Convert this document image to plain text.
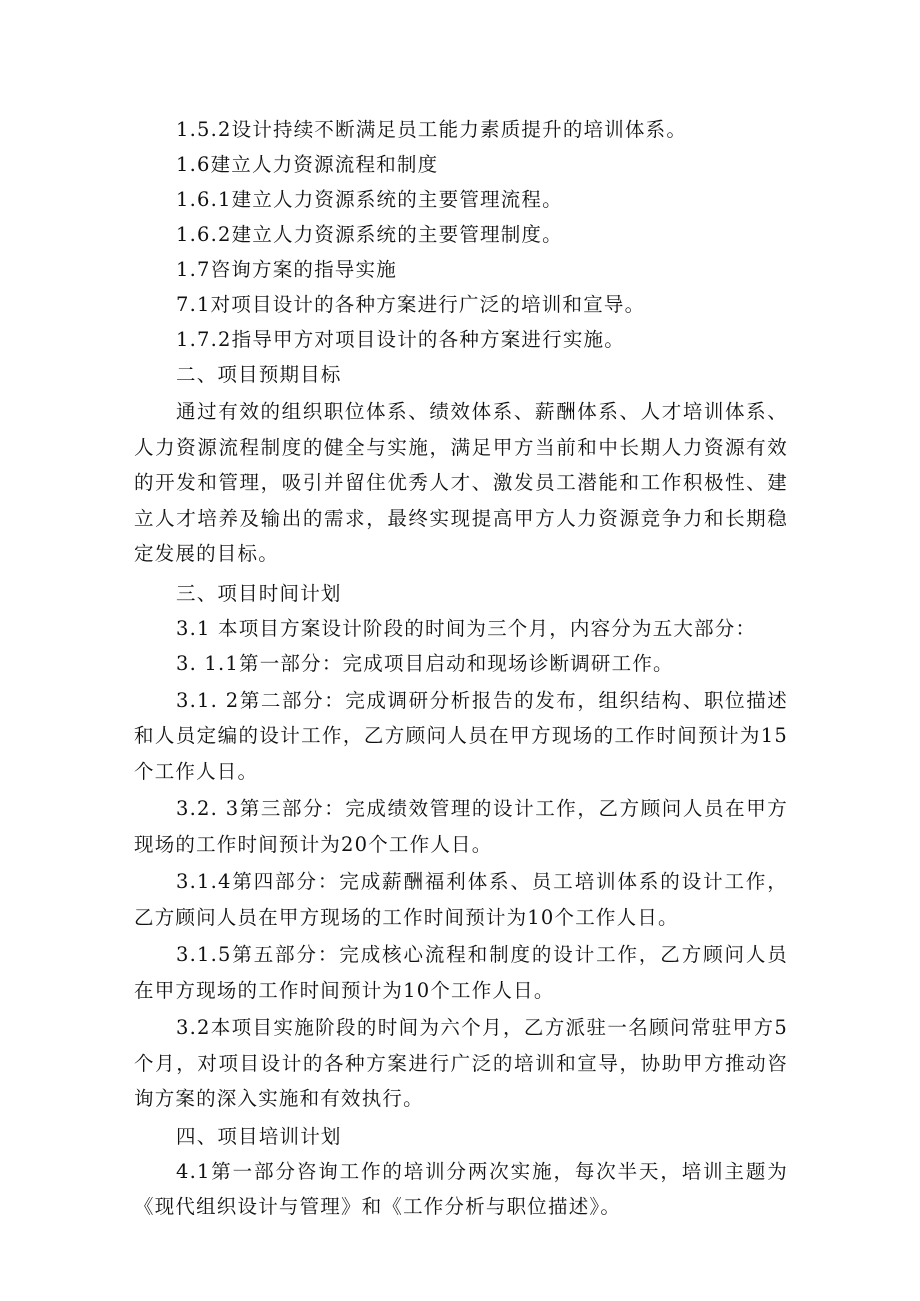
1.5.2设计持续不断满足员工能力素质提升的培训体系。

1.6建立人力资源流程和制度

1.6.1建立人力资源系统的主要管理流程。

1.6.2建立人力资源系统的主要管理制度。

1.7咨询方案的指导实施

7.1对项目设计的各种方案进行广泛的培训和宣导。

1.7.2指导甲方对项目设计的各种方案进行实施。

二、项目预期目标

通过有效的组织职位体系、绩效体系、薪酬体系、人才培训体系、人力资源流程制度的健全与实施，满足甲方当前和中长期人力资源有效的开发和管理，吸引并留住优秀人才、激发员工潜能和工作积极性、建立人才培养及输出的需求，最终实现提高甲方人力资源竞争力和长期稳定发展的目标。

三、项目时间计划

3.1 本项目方案设计阶段的时间为三个月，内容分为五大部分：

3. 1.1第一部分：完成项目启动和现场诊断调研工作。

3.1. 2第二部分：完成调研分析报告的发布，组织结构、职位描述和人员定编的设计工作，乙方顾问人员在甲方现场的工作时间预计为15个工作人日。

3.2. 3第三部分：完成绩效管理的设计工作，乙方顾问人员在甲方现场的工作时间预计为20个工作人日。

3.1.4第四部分：完成薪酬福利体系、员工培训体系的设计工作，乙方顾问人员在甲方现场的工作时间预计为10个工作人日。

3.1.5第五部分：完成核心流程和制度的设计工作，乙方顾问人员在甲方现场的工作时间预计为10个工作人日。

3.2本项目实施阶段的时间为六个月，乙方派驻一名顾问常驻甲方5个月，对项目设计的各种方案进行广泛的培训和宣导，协助甲方推动咨询方案的深入实施和有效执行。

四、项目培训计划

4.1第一部分咨询工作的培训分两次实施，每次半天，培训主题为《现代组织设计与管理》和《工作分析与职位描述》。
